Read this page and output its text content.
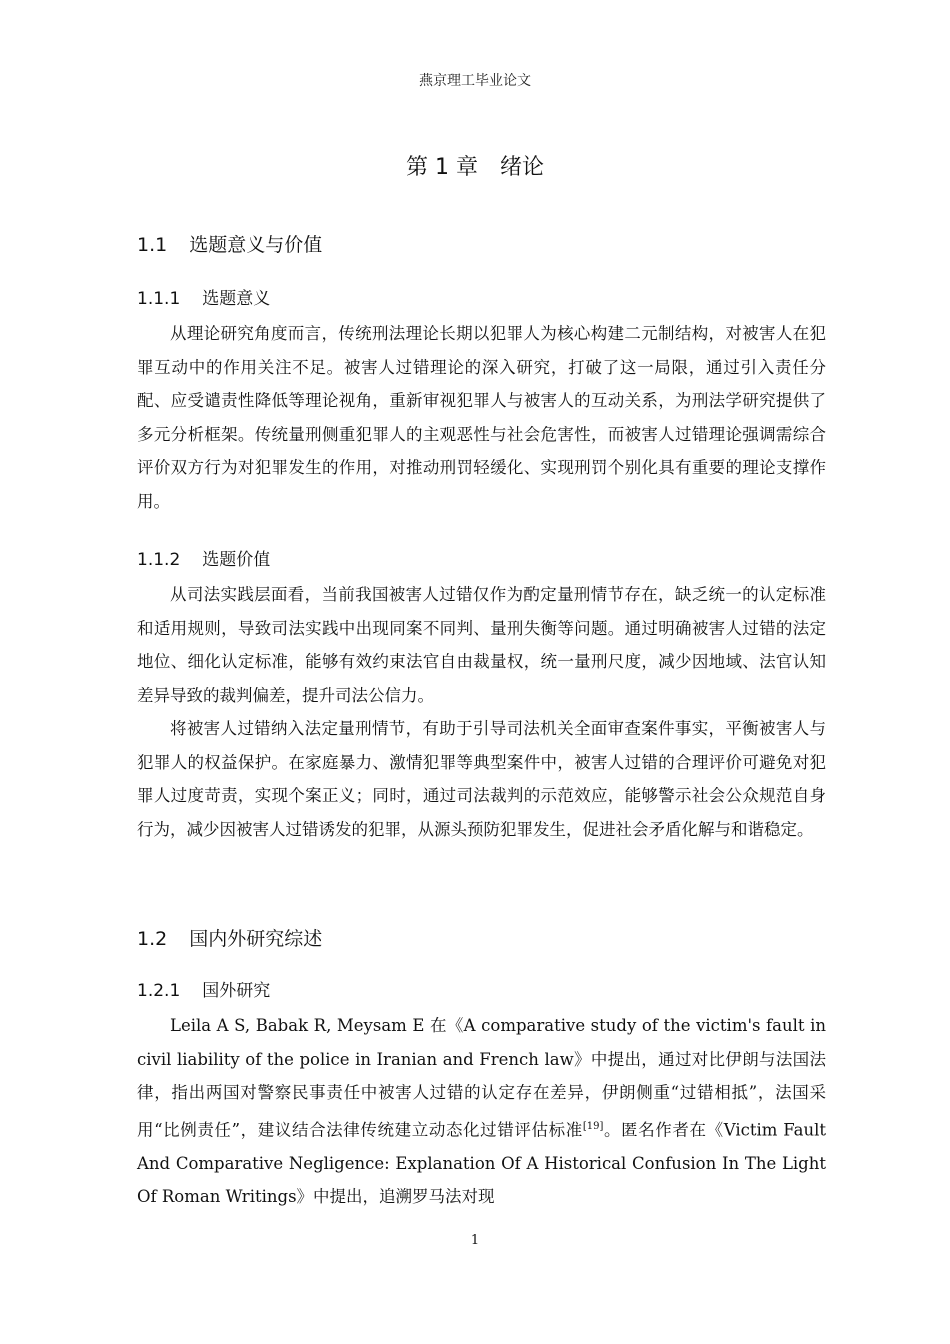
燕京理工毕业论文
第 1 章　绪论
1.1 选题意义与价值
1.1.1 选题意义

从理论研究角度而言，传统刑法理论长期以犯罪人为核心构建二元制结构，对被害人在犯罪互动中的作用关注不足。被害人过错理论的深入研究，打破了这一局限，通过引入责任分配、应受谴责性降低等理论视角，重新审视犯罪人与被害人的互动关系，为刑法学研究提供了多元分析框架。传统量刑侧重犯罪人的主观恶性与社会危害性，而被害人过错理论强调需综合评价双方行为对犯罪发生的作用，对推动刑罚轻缓化、实现刑罚个别化具有重要的理论支撑作用。

1.1.2 选题价值

从司法实践层面看，当前我国被害人过错仅作为酌定量刑情节存在，缺乏统一的认定标准和适用规则，导致司法实践中出现同案不同判、量刑失衡等问题。通过明确被害人过错的法定地位、细化认定标准，能够有效约束法官自由裁量权，统一量刑尺度，减少因地域、法官认知差异导致的裁判偏差，提升司法公信力。

将被害人过错纳入法定量刑情节，有助于引导司法机关全面审查案件事实，平衡被害人与犯罪人的权益保护。在家庭暴力、激情犯罪等典型案件中，被害人过错的合理评价可避免对犯罪人过度苛责，实现个案正义；同时，通过司法裁判的示范效应，能够警示社会公众规范自身行为，减少因被害人过错诱发的犯罪，从源头预防犯罪发生，促进社会矛盾化解与和谐稳定。

1.2 国内外研究综述
1.2.1 国外研究

Leila A S, Babak R, Meysam E 在《A comparative study of the victim's fault in civil liability of the police in Iranian and French law》中提出，通过对比伊朗与法国法律，指出两国对警察民事责任中被害人过错的认定存在差异，伊朗侧重“过错相抵”，法国采用“比例责任”，建议结合法律传统建立动态化过错评估标准[19]。匿名作者在《Victim Fault And Comparative Negligence: Explanation Of A Historical Confusion In The Light Of Roman Writings》中提出，追溯罗马法对现

1
